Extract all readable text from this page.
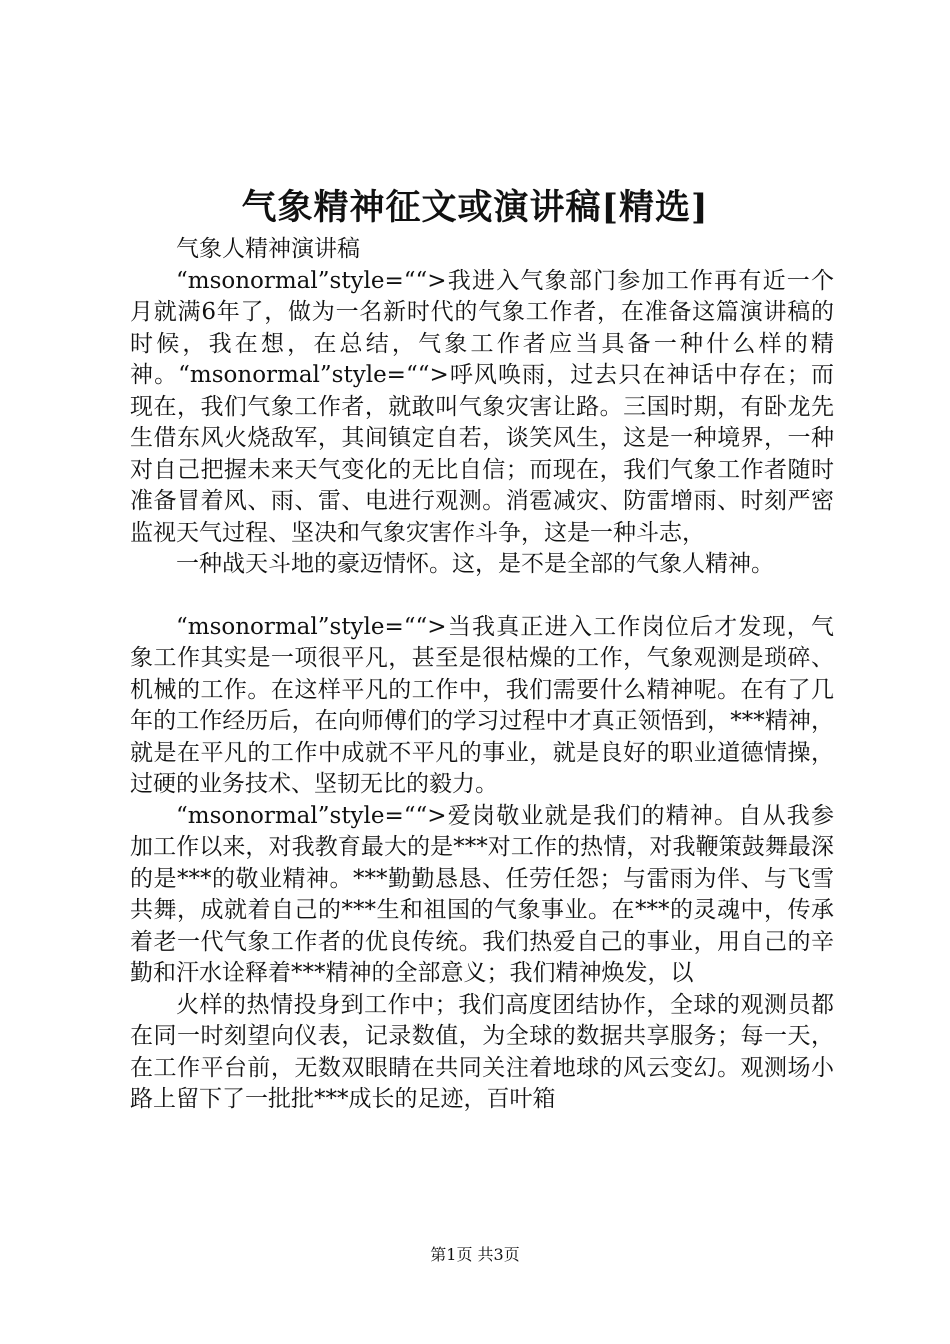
气象精神征文或演讲稿[精选]

气象人精神演讲稿

“msonormal”style=““>我进入气象部门参加工作再有近一个月就满6年了，做为一名新时代的气象工作者，在准备这篇演讲稿的时候，我在想，在总结，气象工作者应当具备一种什么样的精神。“msonormal”style=““>呼风唤雨，过去只在神话中存在；而现在，我们气象工作者，就敢叫气象灾害让路。三国时期，有卧龙先生借东风火烧敌军，其间镇定自若，谈笑风生，这是一种境界，一种对自己把握未来天气变化的无比自信；而现在，我们气象工作者随时准备冒着风、雨、雷、电进行观测。消雹减灾、防雷增雨、时刻严密监视天气过程、坚决和气象灾害作斗争，这是一种斗志，

一种战天斗地的豪迈情怀。这，是不是全部的气象人精神。

“msonormal”style=““>当我真正进入工作岗位后才发现，气象工作其实是一项很平凡，甚至是很枯燥的工作，气象观测是琐碎、机械的工作。在这样平凡的工作中，我们需要什么精神呢。在有了几年的工作经历后，在向师傅们的学习过程中才真正领悟到，***精神，就是在平凡的工作中成就不平凡的事业，就是良好的职业道德情操，过硬的业务技术、坚韧无比的毅力。

“msonormal”style=““>爱岗敬业就是我们的精神。自从我参加工作以来，对我教育最大的是***对工作的热情，对我鞭策鼓舞最深的是***的敬业精神。***勤勤恳恳、任劳任怨；与雷雨为伴、与飞雪共舞，成就着自己的***生和祖国的气象事业。在***的灵魂中，传承着老一代气象工作者的优良传统。我们热爱自己的事业，用自己的辛勤和汗水诠释着***精神的全部意义；我们精神焕发，以

火样的热情投身到工作中；我们高度团结协作，全球的观测员都在同一时刻望向仪表，记录数值，为全球的数据共享服务；每一天，在工作平台前，无数双眼睛在共同关注着地球的风云变幻。观测场小路上留下了一批批***成长的足迹，百叶箱

第1页 共3页
